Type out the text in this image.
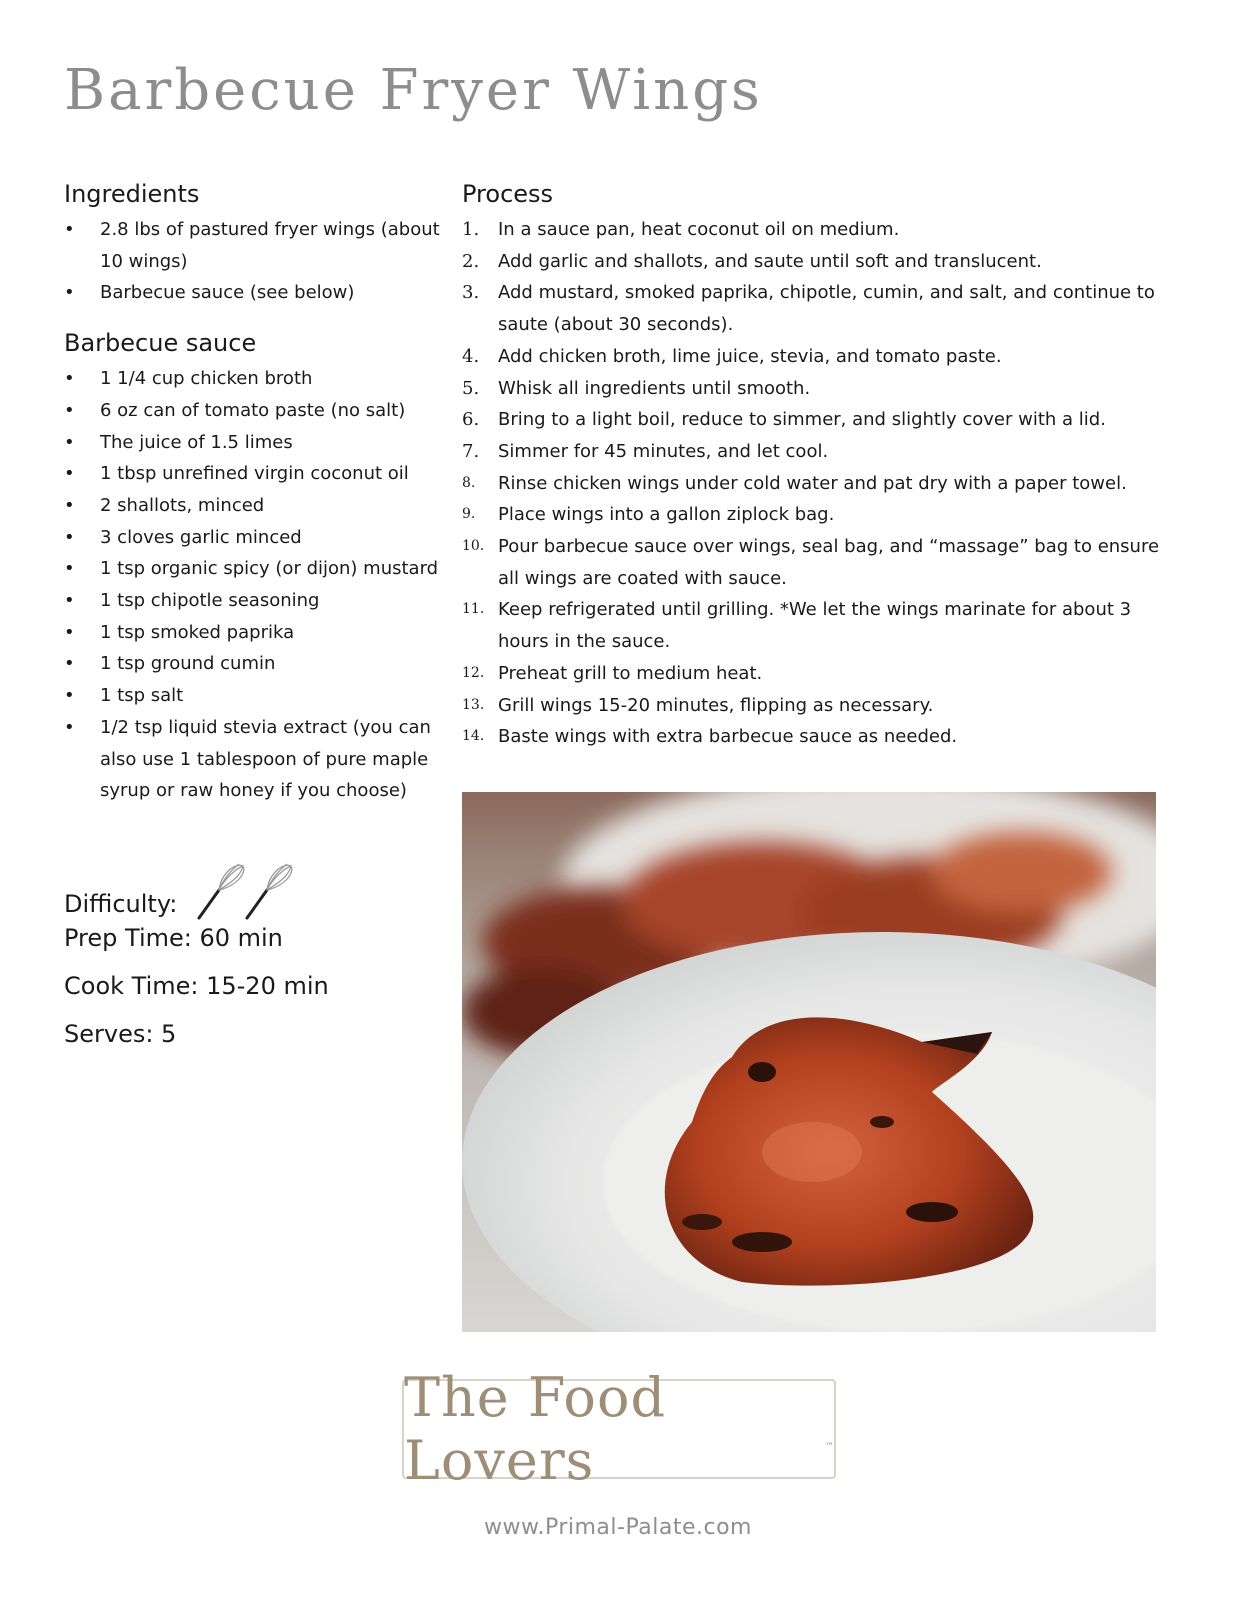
Barbecue Fryer Wings
Ingredients
• 2.8 lbs of pastured fryer wings (about
10 wings)
• Barbecue sauce (see below)
Barbecue sauce
• 1 1/4 cup chicken broth
• 6 oz can of tomato paste (no salt)
• The juice of 1.5 limes
• 1 tbsp unrefined virgin coconut oil
• 2 shallots, minced
• 3 cloves garlic minced
• 1 tsp organic spicy (or dijon) mustard
• 1 tsp chipotle seasoning
• 1 tsp smoked paprika
• 1 tsp ground cumin
• 1 tsp salt
• 1/2 tsp liquid stevia extract (you can
also use 1 tablespoon of pure maple
syrup or raw honey if you choose)
Process
1. In a sauce pan, heat coconut oil on medium.
2. Add garlic and shallots, and saute until soft and translucent.
3. Add mustard, smoked paprika, chipotle, cumin, and salt, and continue to
saute (about 30 seconds).
4. Add chicken broth, lime juice, stevia, and tomato paste.
5. Whisk all ingredients until smooth.
6. Bring to a light boil, reduce to simmer, and slightly cover with a lid.
7. Simmer for 45 minutes, and let cool.
8. Rinse chicken wings under cold water and pat dry with a paper towel.
9. Place wings into a gallon ziplock bag.
10. Pour barbecue sauce over wings, seal bag, and “massage” bag to ensure
all wings are coated with sauce.
11. Keep refrigerated until grilling. *We let the wings marinate for about 3
hours in the sauce.
12. Preheat grill to medium heat.
13. Grill wings 15-20 minutes, flipping as necessary.
14. Baste wings with extra barbecue sauce as needed.
Difficulty:
Prep Time: 60 min
Cook Time: 15-20 min
Serves: 5
The Food Lovers	™
www.Primal-Palate.com
